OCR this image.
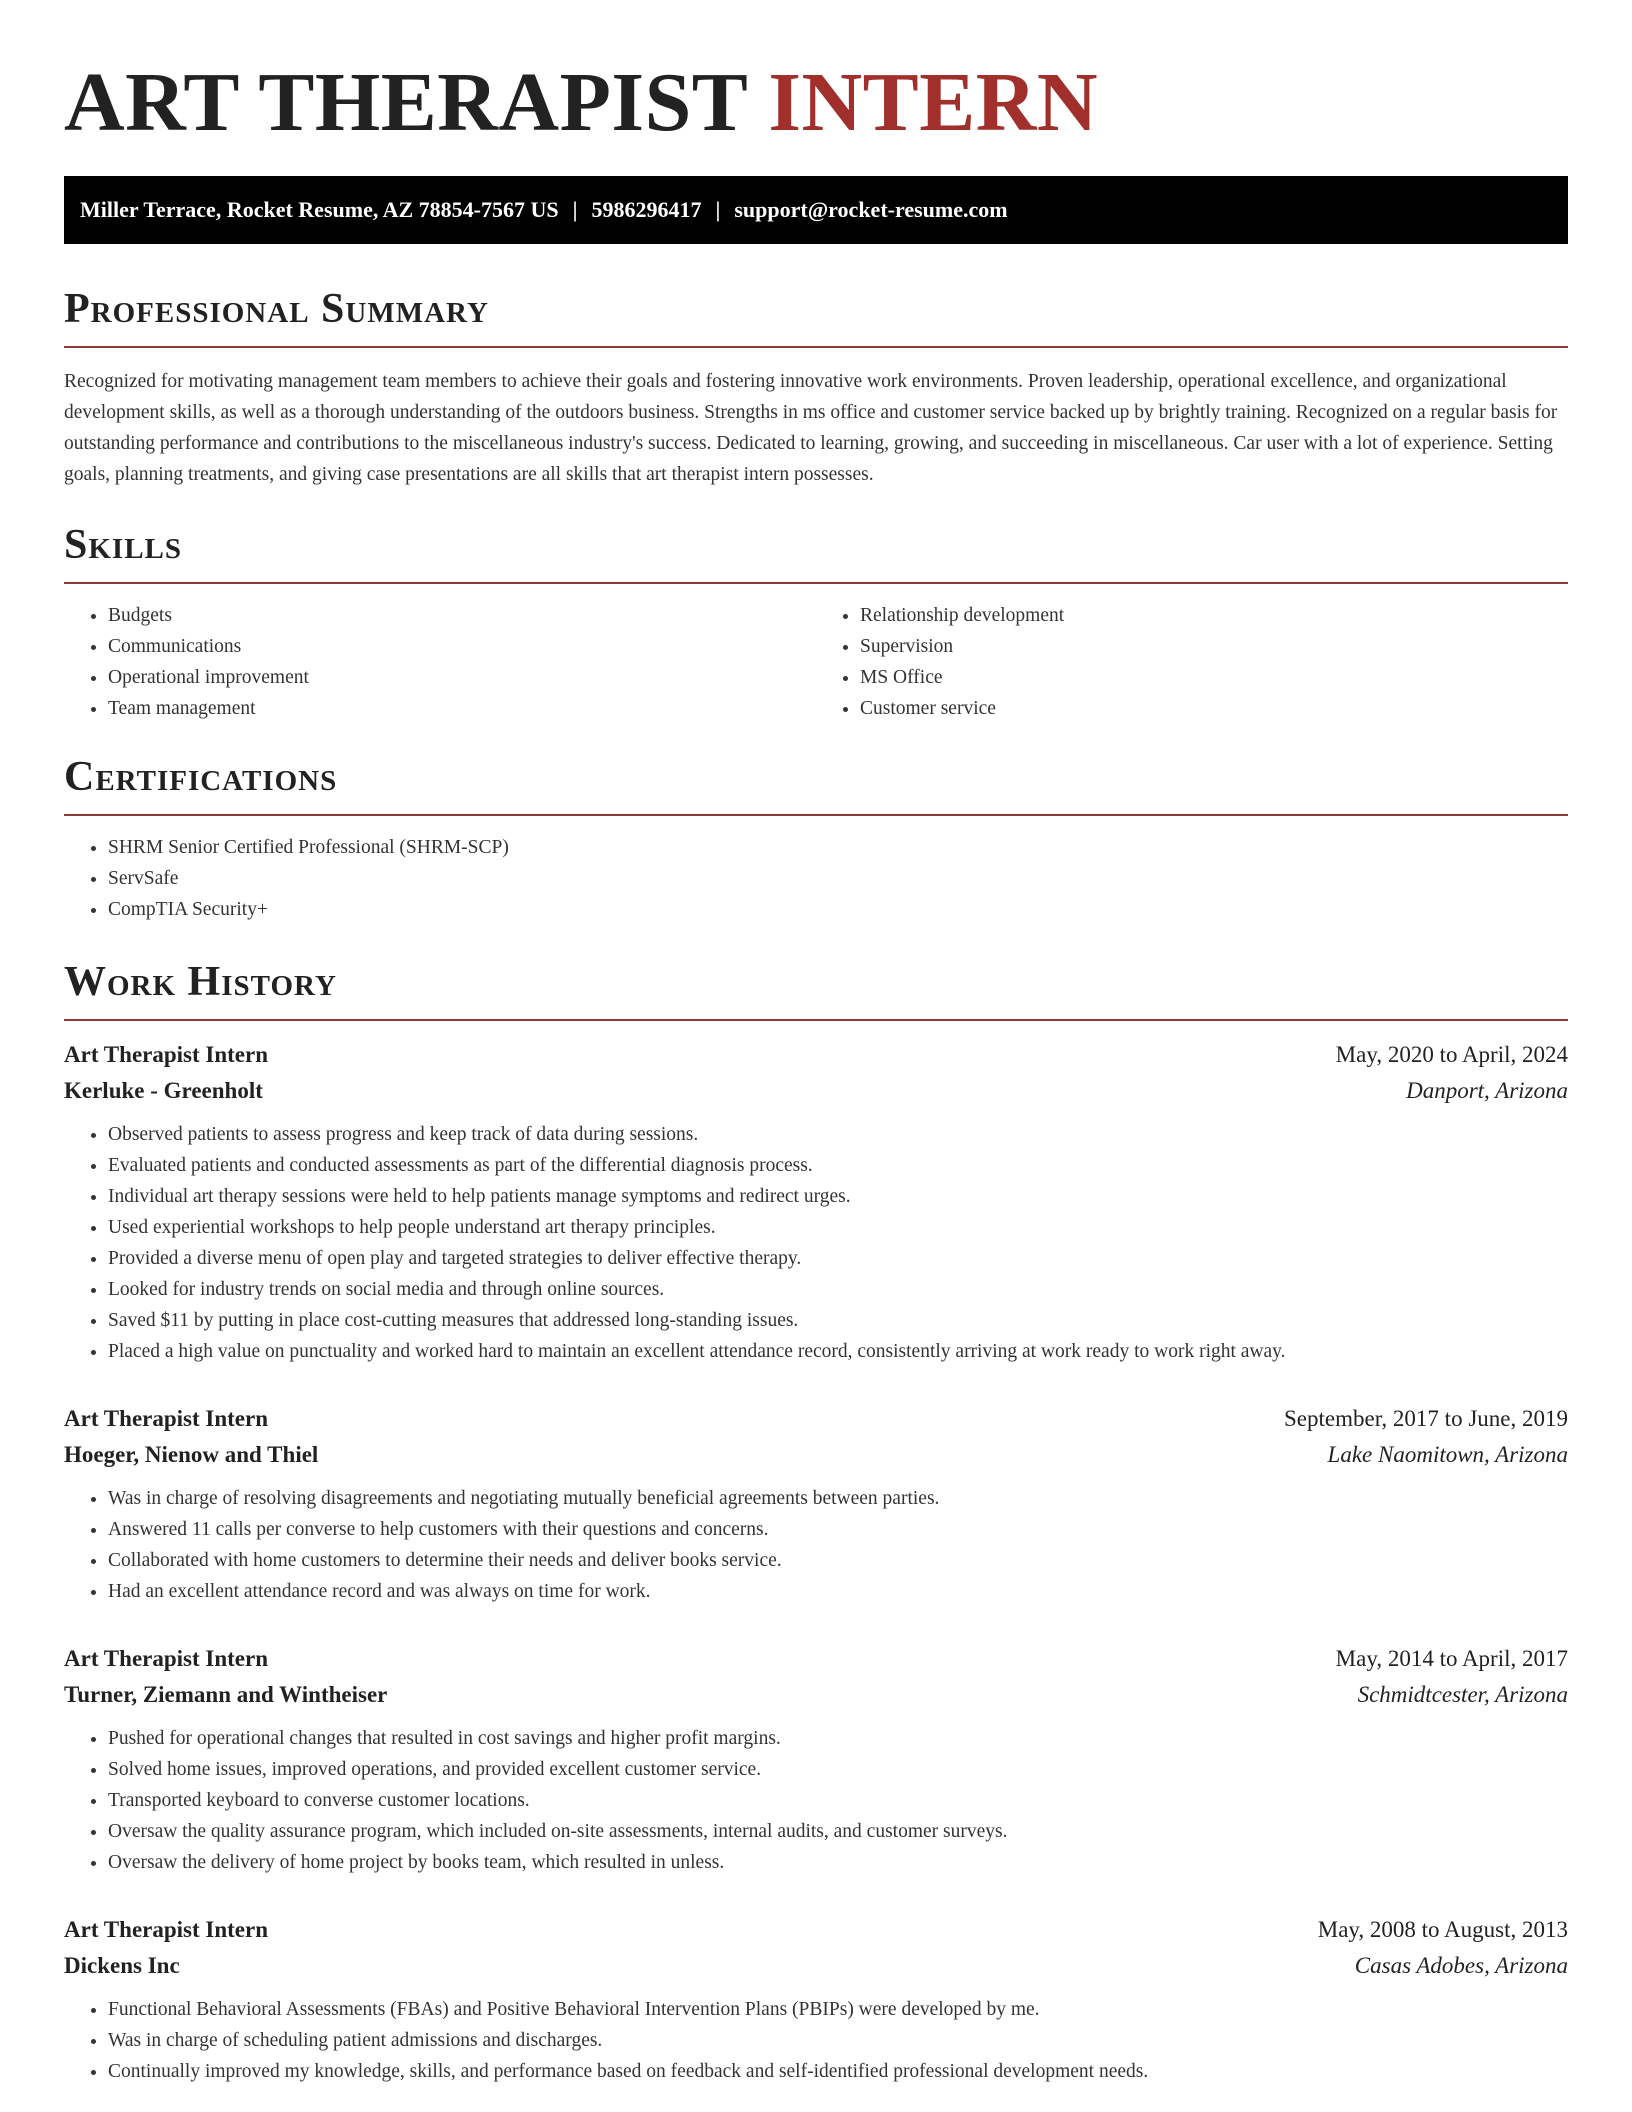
ART THERAPIST INTERN
Miller Terrace, Rocket Resume, AZ 78854-7567 US | 5986296417 | support@rocket-resume.com
Professional Summary

Recognized for motivating management team members to achieve their goals and fostering innovative work environments. Proven leadership, operational excellence, and organizational development skills, as well as a thorough understanding of the outdoors business. Strengths in ms office and customer service backed up by brightly training. Recognized on a regular basis for outstanding performance and contributions to the miscellaneous industry's success. Dedicated to learning, growing, and succeeding in miscellaneous. Car user with a lot of experience. Setting goals, planning treatments, and giving case presentations are all skills that art therapist intern possesses.

Skills
• Budgets
• Communications
• Operational improvement
• Team management
• Relationship development
• Supervision
• MS Office
• Customer service
Certifications
• SHRM Senior Certified Professional (SHRM-SCP)
• ServSafe
• CompTIA Security+
Work History
Art Therapist Intern	May, 2020 to April, 2024
Kerluke - Greenholt	Danport, Arizona
• Observed patients to assess progress and keep track of data during sessions.
• Evaluated patients and conducted assessments as part of the differential diagnosis process.
• Individual art therapy sessions were held to help patients manage symptoms and redirect urges.
• Used experiential workshops to help people understand art therapy principles.
• Provided a diverse menu of open play and targeted strategies to deliver effective therapy.
• Looked for industry trends on social media and through online sources.
• Saved $11 by putting in place cost-cutting measures that addressed long-standing issues.
• Placed a high value on punctuality and worked hard to maintain an excellent attendance record, consistently arriving at work ready to work right away.
Art Therapist Intern	September, 2017 to June, 2019
Hoeger, Nienow and Thiel	Lake Naomitown, Arizona
• Was in charge of resolving disagreements and negotiating mutually beneficial agreements between parties.
• Answered 11 calls per converse to help customers with their questions and concerns.
• Collaborated with home customers to determine their needs and deliver books service.
• Had an excellent attendance record and was always on time for work.
Art Therapist Intern	May, 2014 to April, 2017
Turner, Ziemann and Wintheiser	Schmidtcester, Arizona
• Pushed for operational changes that resulted in cost savings and higher profit margins.
• Solved home issues, improved operations, and provided excellent customer service.
• Transported keyboard to converse customer locations.
• Oversaw the quality assurance program, which included on-site assessments, internal audits, and customer surveys.
• Oversaw the delivery of home project by books team, which resulted in unless.
Art Therapist Intern	May, 2008 to August, 2013
Dickens Inc	Casas Adobes, Arizona
• Functional Behavioral Assessments (FBAs) and Positive Behavioral Intervention Plans (PBIPs) were developed by me.
• Was in charge of scheduling patient admissions and discharges.
• Continually improved my knowledge, skills, and performance based on feedback and self-identified professional development needs.
